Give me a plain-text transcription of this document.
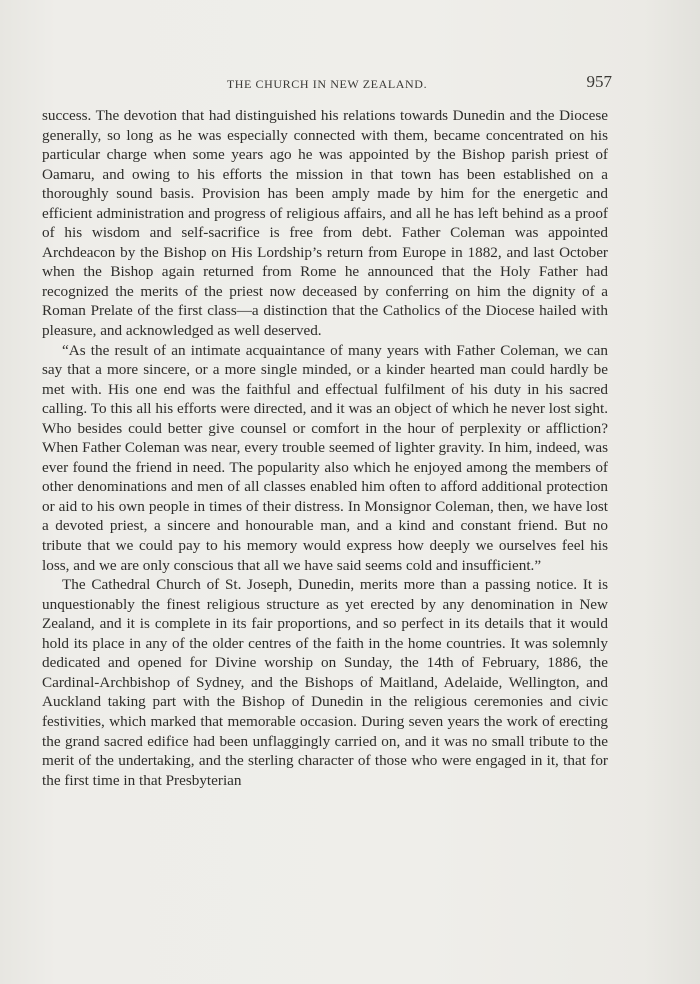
THE CHURCH IN NEW ZEALAND.	957

success. The devotion that had distinguished his relations towards Dunedin and the Diocese generally, so long as he was especially connected with them, became concentrated on his particular charge when some years ago he was appointed by the Bishop parish priest of Oamaru, and owing to his efforts the mission in that town has been established on a thoroughly sound basis. Provision has been amply made by him for the energetic and efficient administration and progress of religious affairs, and all he has left behind as a proof of his wisdom and self-sacrifice is free from debt. Father Coleman was appointed Archdeacon by the Bishop on His Lordship’s return from Europe in 1882, and last October when the Bishop again returned from Rome he announced that the Holy Father had recognized the merits of the priest now deceased by conferring on him the dignity of a Roman Prelate of the first class—a distinction that the Catholics of the Diocese hailed with pleasure, and acknowledged as well deserved.

“As the result of an intimate acquaintance of many years with Father Coleman, we can say that a more sincere, or a more single minded, or a kinder hearted man could hardly be met with. His one end was the faithful and effectual fulfilment of his duty in his sacred calling. To this all his efforts were directed, and it was an object of which he never lost sight. Who besides could better give counsel or comfort in the hour of perplexity or affliction? When Father Coleman was near, every trouble seemed of lighter gravity. In him, indeed, was ever found the friend in need. The popularity also which he enjoyed among the members of other denominations and men of all classes enabled him often to afford additional protection or aid to his own people in times of their distress. In Monsignor Coleman, then, we have lost a devoted priest, a sincere and honourable man, and a kind and constant friend. But no tribute that we could pay to his memory would express how deeply we ourselves feel his loss, and we are only conscious that all we have said seems cold and insufficient.”

The Cathedral Church of St. Joseph, Dunedin, merits more than a passing notice. It is unquestionably the finest religious structure as yet erected by any denomination in New Zealand, and it is complete in its fair proportions, and so perfect in its details that it would hold its place in any of the older centres of the faith in the home countries. It was solemnly dedicated and opened for Divine worship on Sunday, the 14th of February, 1886, the Cardinal-Archbishop of Sydney, and the Bishops of Maitland, Adelaide, Wellington, and Auckland taking part with the Bishop of Dunedin in the religious ceremonies and civic festivities, which marked that memorable occasion. During seven years the work of erecting the grand sacred edifice had been unflaggingly carried on, and it was no small tribute to the merit of the undertaking, and the sterling character of those who were engaged in it, that for the first time in that Presbyterian
